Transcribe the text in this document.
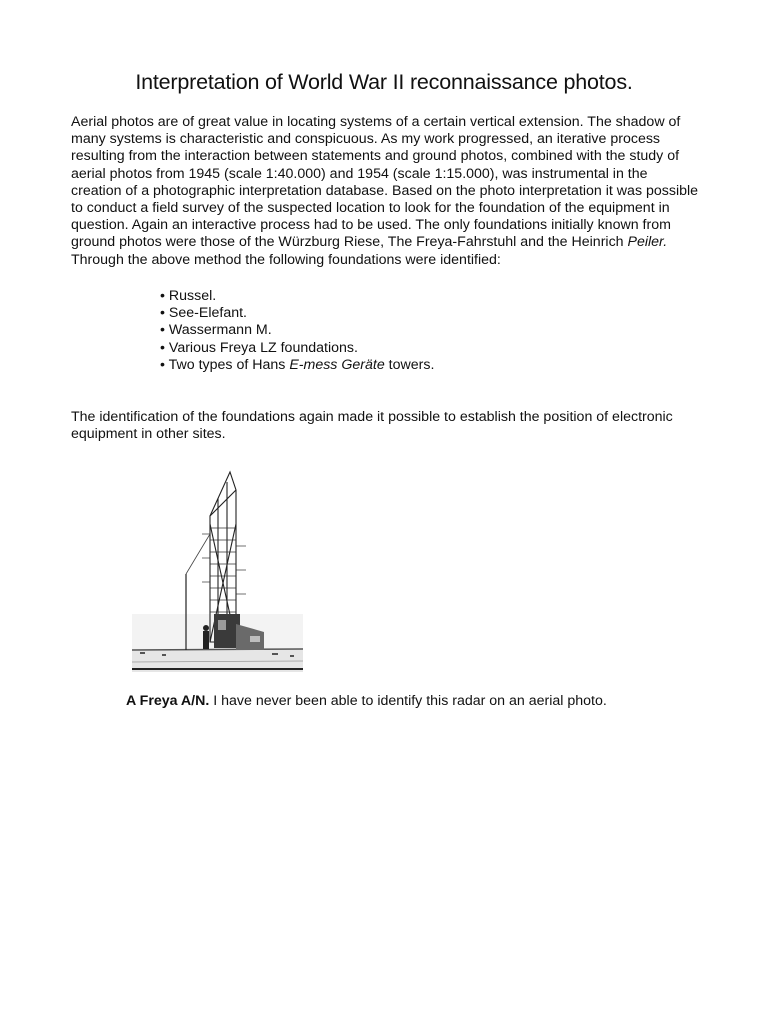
Interpretation of World War II reconnaissance photos.

Aerial photos are of great value in locating systems of a certain vertical extension. The shadow of many systems is characteristic and conspicuous. As my work progressed, an iterative process resulting from the interaction between statements and ground photos, combined with the study of aerial photos from 1945 (scale 1:40.000) and 1954 (scale 1:15.000), was instrumental in the creation of a photographic interpretation database. Based on the photo interpretation it was possible to conduct a field survey of the suspected location to look for the foundation of the equipment in question. Again an interactive process had to be used. The only foundations initially known from ground photos were those of the Würzburg Riese, The Freya-Fahrstuhl and the Heinrich Peiler. Through the above method the following foundations were identified:

• Russel.
• See-Elefant.
• Wassermann M.
• Various Freya LZ foundations.
• Two types of Hans E-mess Geräte towers.

The identification of the foundations again made it possible to establish the position of electronic equipment in other sites.

A Freya A/N. I have never been able to identify this radar on an aerial photo.
